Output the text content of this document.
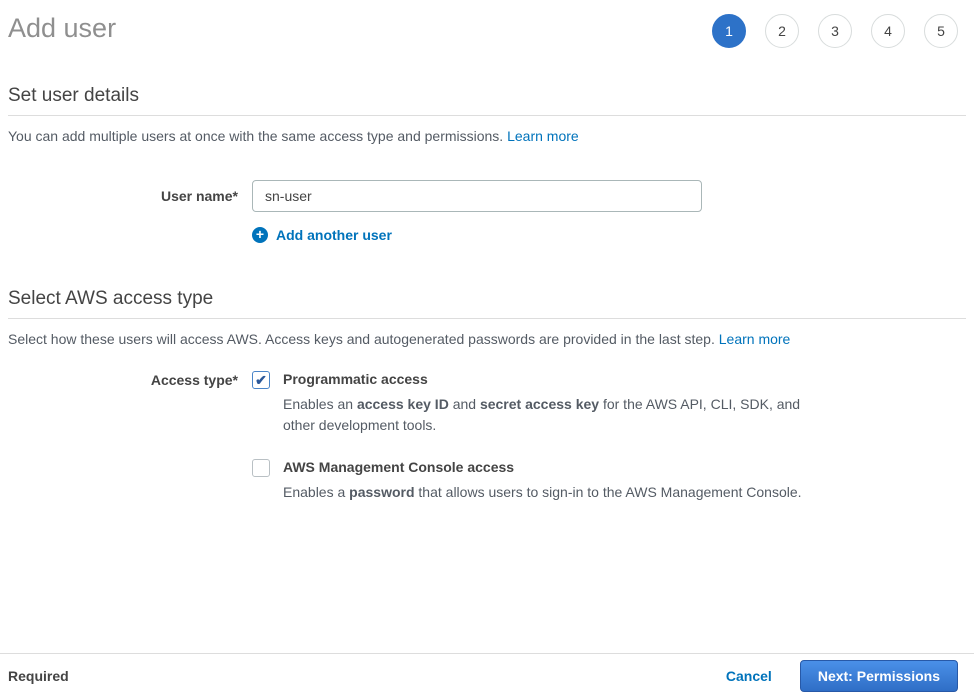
Add user	1	2	3	4	5
Set user details

You can add multiple users at once with the same access type and permissions. Learn more

User name*
sn-user
+ Add another user
Select AWS access type

Select how these users will access AWS. Access keys and autogenerated passwords are provided in the last step. Learn more

Access type* ✔ Programmatic access
Enables an access key ID and secret access key for the AWS API, CLI, SDK, and other development tools.
AWS Management Console access
Enables a password that allows users to sign-in to the AWS Management Console.
Required	Cancel	Next: Permissions
